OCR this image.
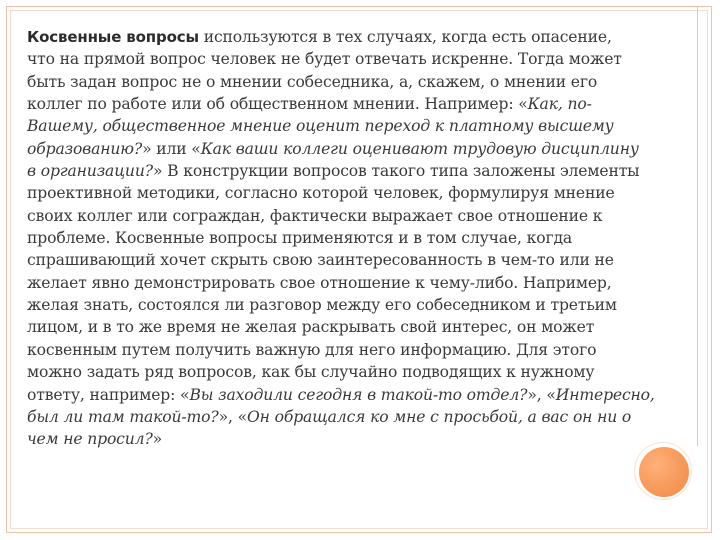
Косвенные вопросы используются в тех случаях, когда есть опасение,
что на прямой вопрос человек не будет отвечать искренне. Тогда может
быть задан вопрос не о мнении собеседника, а, скажем, о мнении его
коллег по работе или об общественном мнении. Например: «Как, по-
Вашему, общественное мнение оценит переход к платному высшему
образованию?» или «Как ваши коллеги оценивают трудовую дисциплину
в организации?» В конструкции вопросов такого типа заложены элементы
проективной методики, согласно которой человек, формулируя мнение
своих коллег или сограждан, фактически выражает свое отношение к
проблеме. Косвенные вопросы применяются и в том случае, когда
спрашивающий хочет скрыть свою заинтересованность в чем-то или не
желает явно демонстрировать свое отношение к чему-либо. Например,
желая знать, состоялся ли разговор между его собеседником и третьим
лицом, и в то же время не желая раскрывать свой интерес, он может
косвенным путем получить важную для него информацию. Для этого
можно задать ряд вопросов, как бы случайно подводящих к нужному
ответу, например: «Вы заходили сегодня в такой-то отдел?», «Интересно,
был ли там такой-то?», «Он обращался ко мне с просьбой, а вас он ни о
чем не просил?»
